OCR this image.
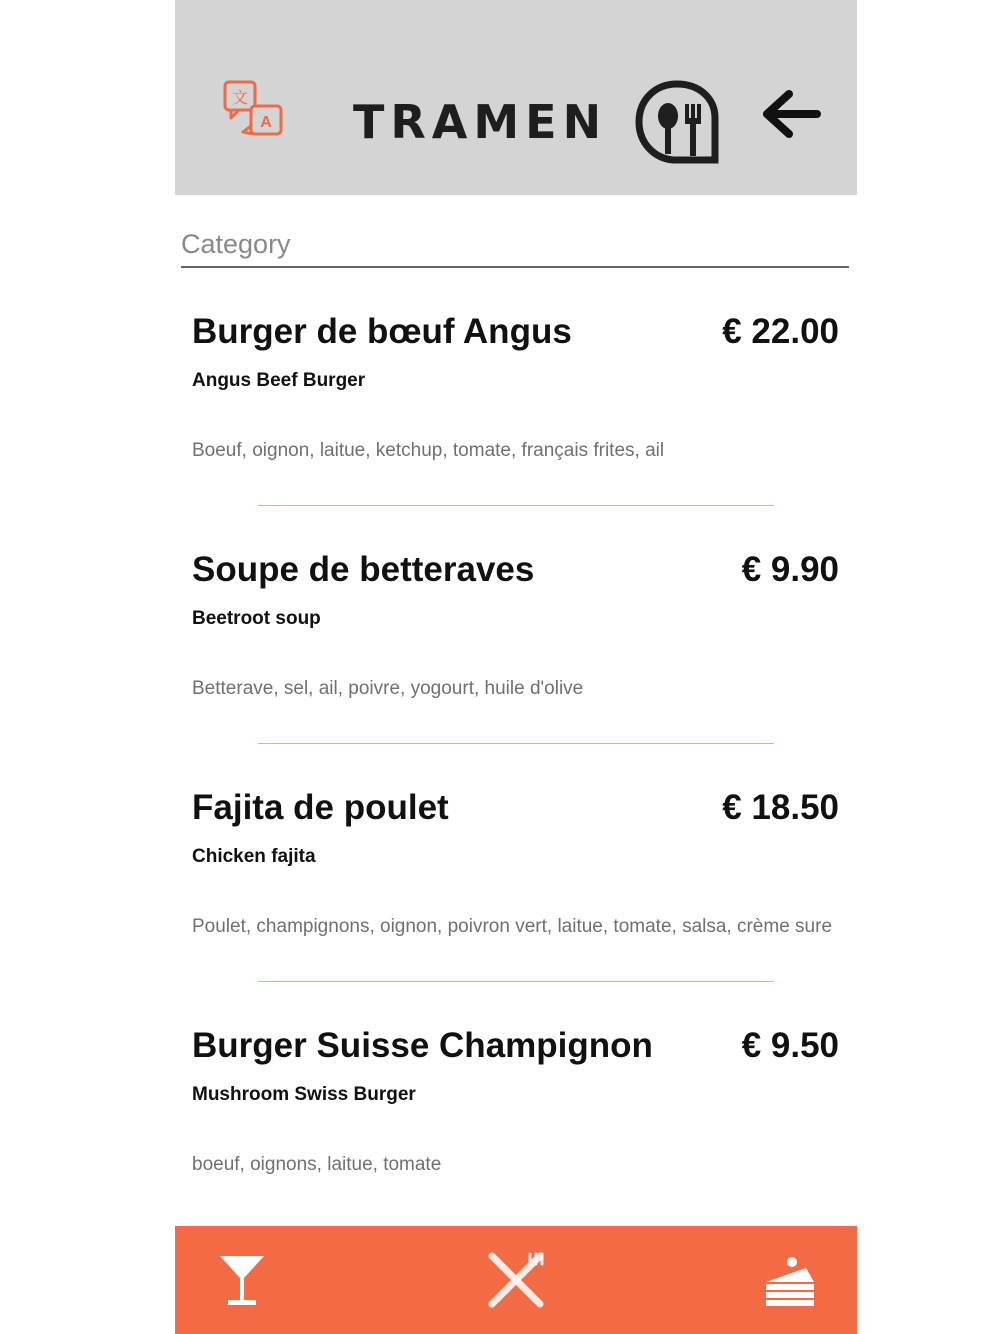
文
A TRAMEN
Category
Burger de bœuf Angus	€ 22.00
Angus Beef Burger
Boeuf, oignon, laitue, ketchup, tomate, français frites, ail
Soupe de betteraves	€ 9.90
Beetroot soup
Betterave, sel, ail, poivre, yogourt, huile d'olive
Fajita de poulet	€ 18.50
Chicken fajita
Poulet, champignons, oignon, poivron vert, laitue, tomate, salsa, crème sure
Burger Suisse Champignon	€ 9.50
Mushroom Swiss Burger
boeuf, oignons, laitue, tomate
